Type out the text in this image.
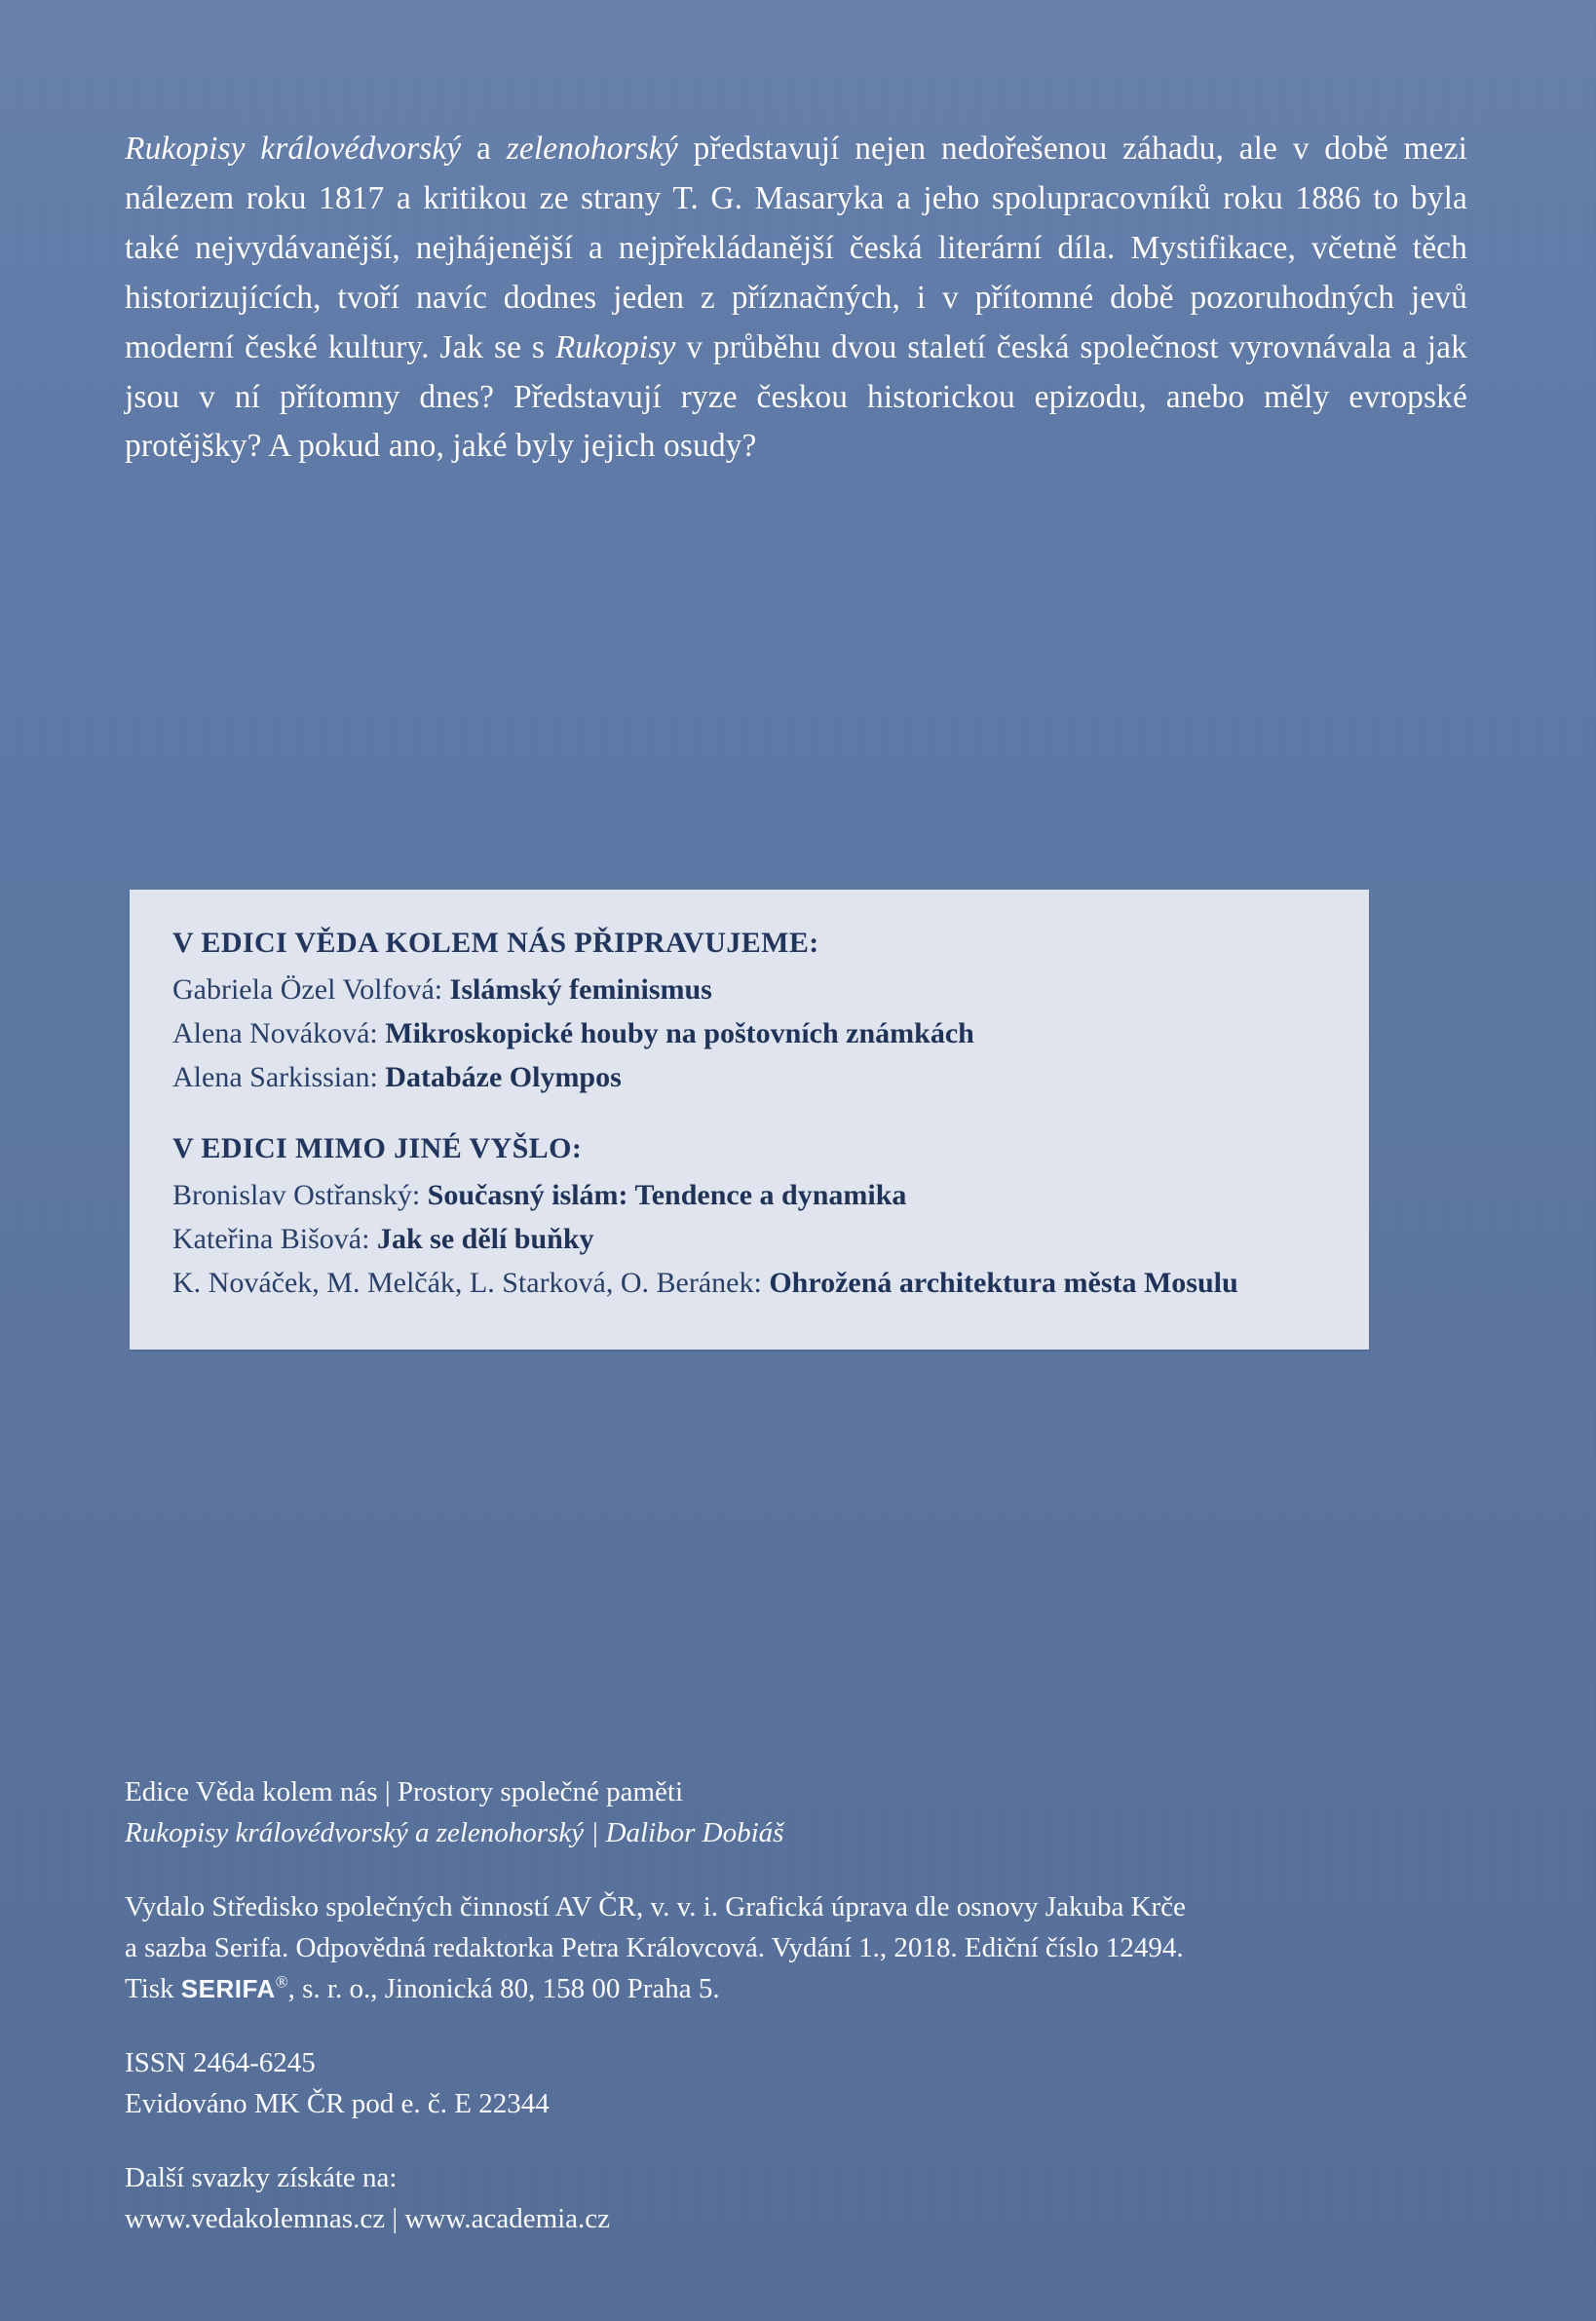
Rukopisy královédvorský a zelenohorský představují nejen nedořešenou záhadu, ale v době mezi nálezem roku 1817 a kritikou ze strany T. G. Masaryka a jeho spolupracovníků roku 1886 to byla také nejvydávanější, nejhájenější a nejpřekládanější česká literární díla. Mystifikace, včetně těch historizujících, tvoří navíc dodnes jeden z příznačných, i v přítomné době pozoruhodných jevů moderní české kultury. Jak se s Rukopisy v průběhu dvou staletí česká společnost vyrovnávala a jak jsou v ní přítomny dnes? Představují ryze českou historickou epizodu, anebo měly evropské protějšky? A pokud ano, jaké byly jejich osudy?
V EDICI VĚDA KOLEM NÁS PŘIPRAVUJEME:
Gabriela Özel Volfová: Islámský feminismus
Alena Nováková: Mikroskopické houby na poštovních známkách
Alena Sarkissian: Databáze Olympos
V EDICI MIMO JINÉ VYŠLO:
Bronislav Ostřanský: Současný islám: Tendence a dynamika
Kateřina Bišová: Jak se dělí buňky
K. Nováček, M. Melčák, L. Starková, O. Beránek: Ohrožená architektura města Mosulu
Edice Věda kolem nás | Prostory společné paměti
Rukopisy královédvorský a zelenohorský | Dalibor Dobiáš
Vydalo Středisko společných činností AV ČR, v. v. i. Grafická úprava dle osnovy Jakuba Krče
a sazba Serifa. Odpovědná redaktorka Petra Královcová. Vydání 1., 2018. Ediční číslo 12494.
Tisk SERIFA®, s. r. o., Jinonická 80, 158 00 Praha 5.
ISSN 2464-6245
Evidováno MK ČR pod e. č. E 22344
Další svazky získáte na:
www.vedakolemnas.cz | www.academia.cz
